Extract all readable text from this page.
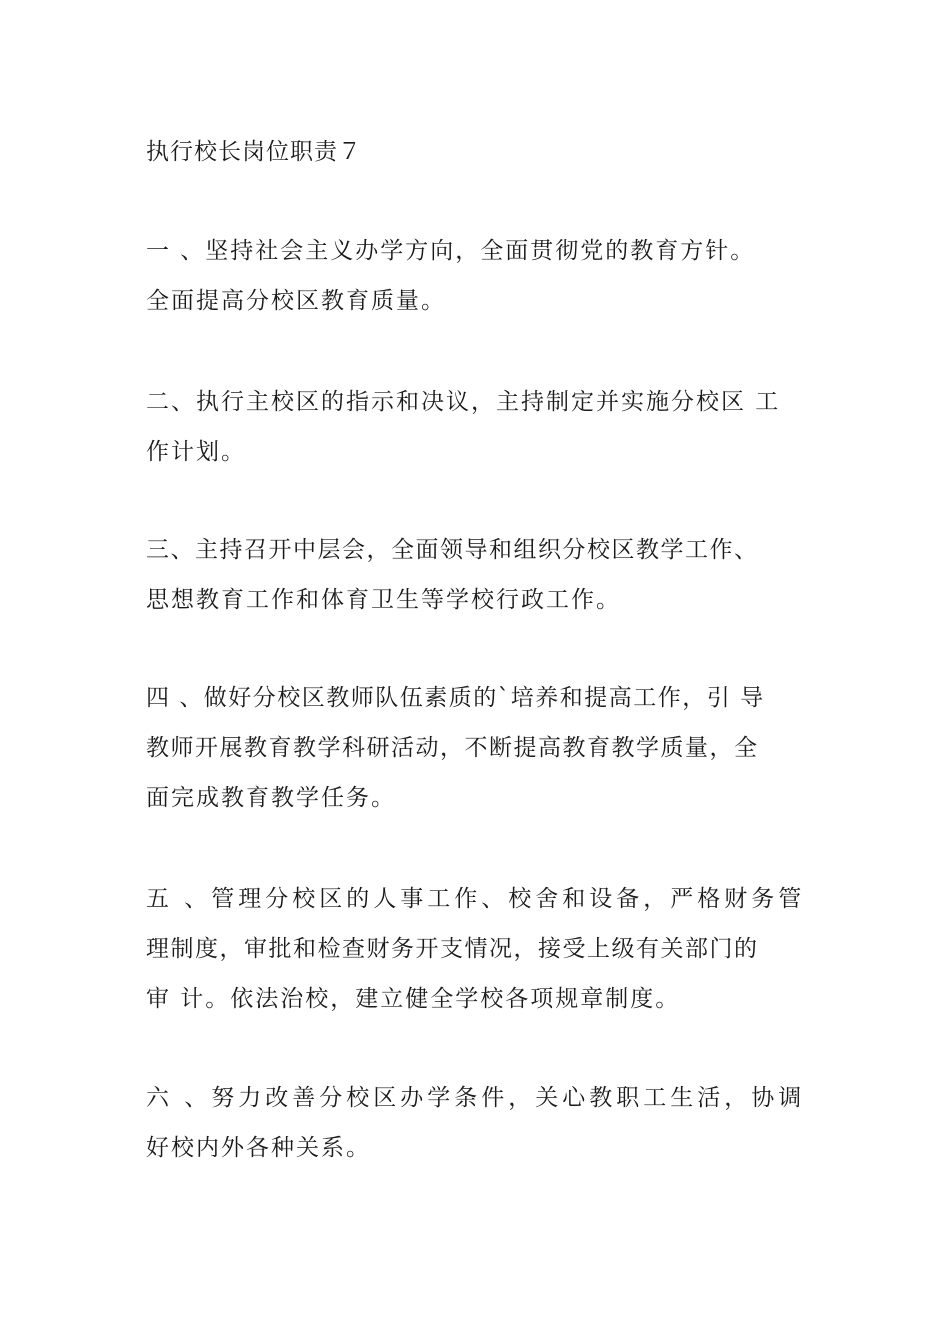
执行校长岗位职责７
一 、坚持社会主义办学方向，全面贯彻党的教育方针。
全面提高分校区教育质量。
二、执行主校区的指示和决议，主持制定并实施分校区 工
作计划。
三、主持召开中层会，全面领导和组织分校区教学工作、
思想教育工作和体育卫生等学校行政工作。
四 、做好分校区教师队伍素质的`培养和提高工作，引 导
教师开展教育教学科研活动，不断提高教育教学质量，全
面完成教育教学任务。
五 、管理分校区的人事工作、校舍和设备，严格财务管
理制度，审批和检查财务开支情况，接受上级有关部门的
审 计。依法治校，建立健全学校各项规章制度。
六 、努力改善分校区办学条件，关心教职工生活，协调
好校内外各种关系。
